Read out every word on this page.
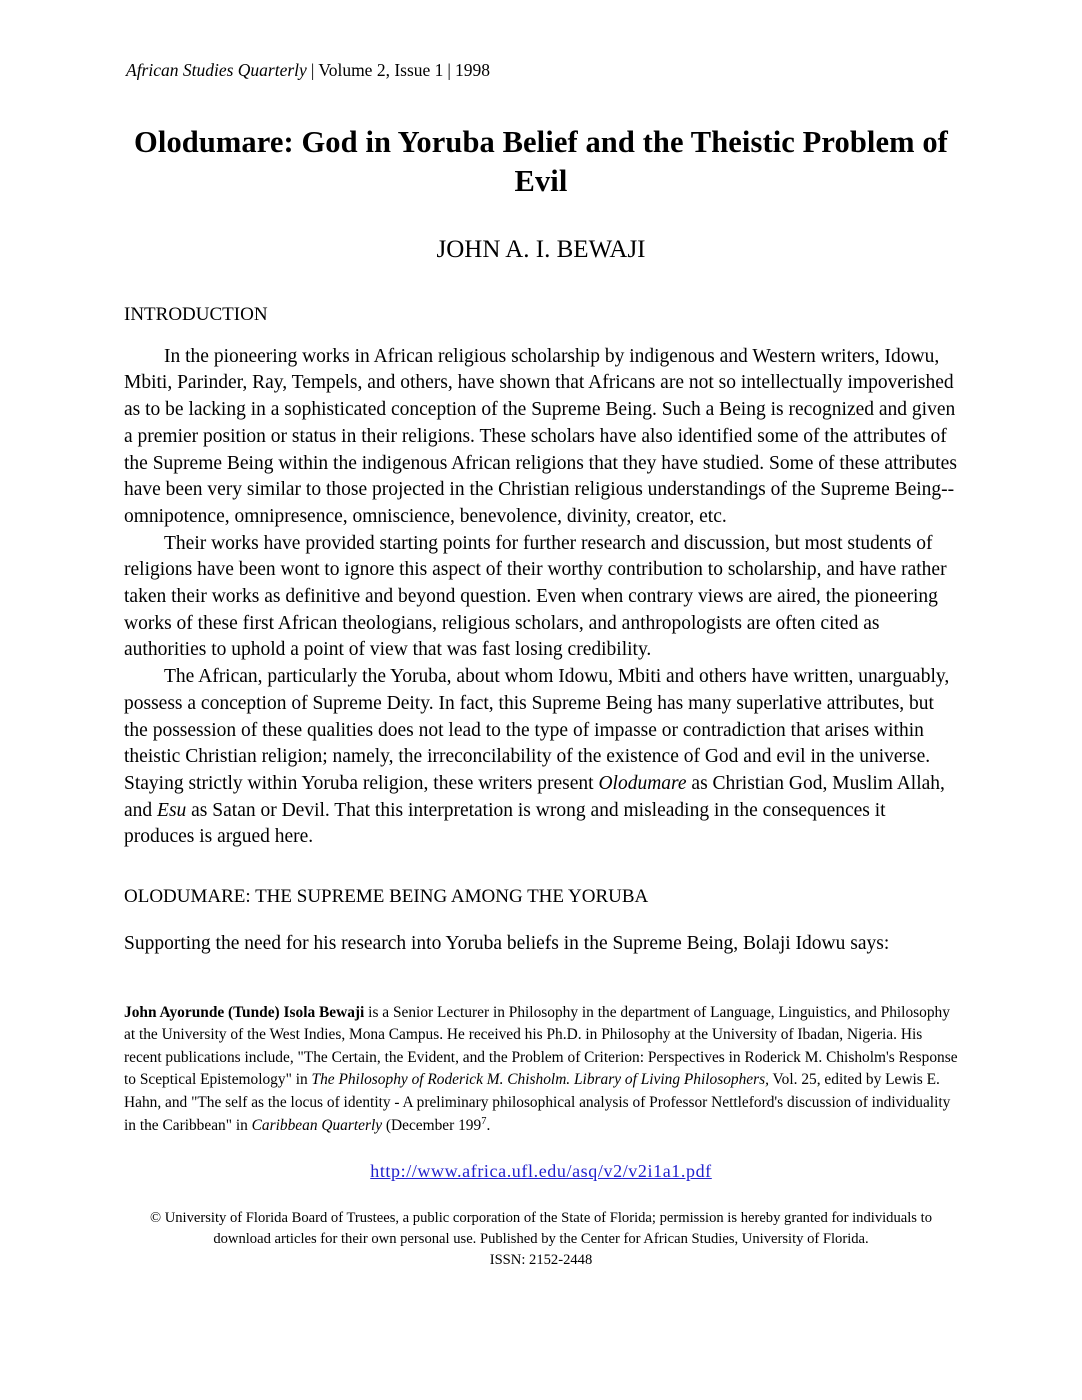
African Studies Quarterly | Volume 2, Issue 1 | 1998
Olodumare: God in Yoruba Belief and the Theistic Problem of Evil
JOHN A. I. BEWAJI
INTRODUCTION

In the pioneering works in African religious scholarship by indigenous and Western writers, Idowu, Mbiti, Parinder, Ray, Tempels, and others, have shown that Africans are not so intellectually impoverished as to be lacking in a sophisticated conception of the Supreme Being. Such a Being is recognized and given a premier position or status in their religions. These scholars have also identified some of the attributes of the Supreme Being within the indigenous African religions that they have studied. Some of these attributes have been very similar to those projected in the Christian religious understandings of the Supreme Being--omnipotence, omnipresence, omniscience, benevolence, divinity, creator, etc.

Their works have provided starting points for further research and discussion, but most students of religions have been wont to ignore this aspect of their worthy contribution to scholarship, and have rather taken their works as definitive and beyond question. Even when contrary views are aired, the pioneering works of these first African theologians, religious scholars, and anthropologists are often cited as authorities to uphold a point of view that was fast losing credibility.

The African, particularly the Yoruba, about whom Idowu, Mbiti and others have written, unarguably, possess a conception of Supreme Deity. In fact, this Supreme Being has many superlative attributes, but the possession of these qualities does not lead to the type of impasse or contradiction that arises within theistic Christian religion; namely, the irreconcilability of the existence of God and evil in the universe. Staying strictly within Yoruba religion, these writers present Olodumare as Christian God, Muslim Allah, and Esu as Satan or Devil. That this interpretation is wrong and misleading in the consequences it produces is argued here.

OLODUMARE: THE SUPREME BEING AMONG THE YORUBA

Supporting the need for his research into Yoruba beliefs in the Supreme Being, Bolaji Idowu says:

John Ayorunde (Tunde) Isola Bewaji is a Senior Lecturer in Philosophy in the department of Language, Linguistics, and Philosophy at the University of the West Indies, Mona Campus. He received his Ph.D. in Philosophy at the University of Ibadan, Nigeria. His recent publications include, "The Certain, the Evident, and the Problem of Criterion: Perspectives in Roderick M. Chisholm's Response to Sceptical Epistemology" in The Philosophy of Roderick M. Chisholm. Library of Living Philosophers, Vol. 25, edited by Lewis E. Hahn, and "The self as the locus of identity - A preliminary philosophical analysis of Professor Nettleford's discussion of individuality in the Caribbean" in Caribbean Quarterly (December $199^7$.

http://www.africa.ufl.edu/asq/v2/v2i1a1.pdf
© University of Florida Board of Trustees, a public corporation of the State of Florida; permission is hereby granted for individuals to download articles for their own personal use. Published by the Center for African Studies, University of Florida.
ISSN: 2152-2448
